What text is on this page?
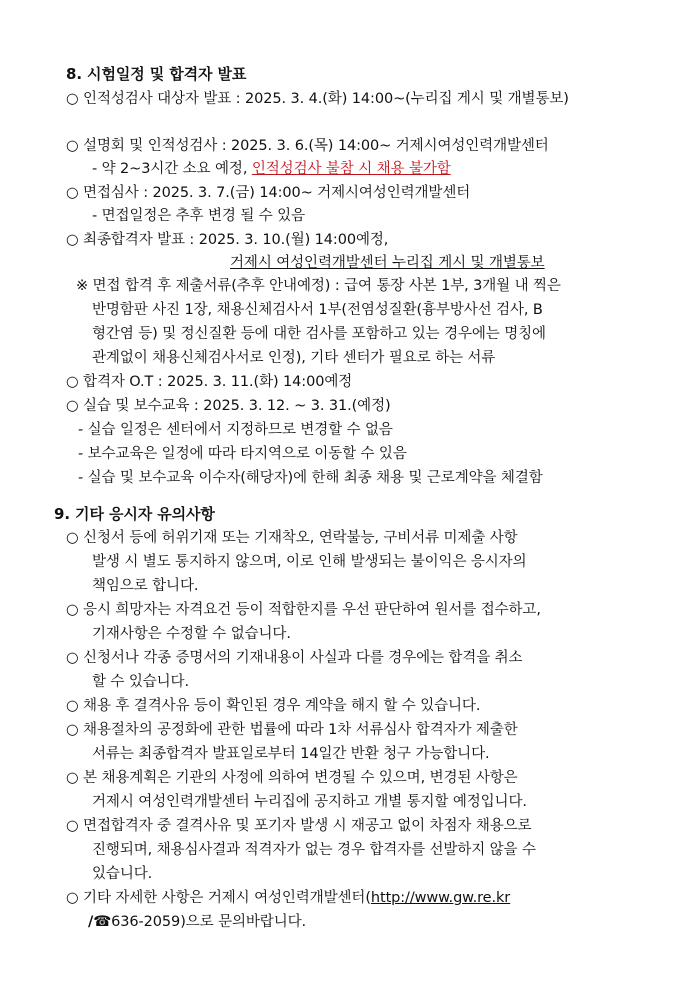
8. 시험일정 및 합격자 발표
○ 인적성검사 대상자 발표 : 2025. 3. 4.(화) 14:00~(누리집 게시 및 개별통보)
○ 설명회 및 인적성검사 : 2025. 3. 6.(목) 14:00~ 거제시여성인력개발센터
- 약 2~3시간 소요 예정, 인적성검사 불참 시 채용 불가함
○ 면접심사 : 2025. 3. 7.(금) 14:00~ 거제시여성인력개발센터
- 면접일정은 추후 변경 될 수 있음
○ 최종합격자 발표 : 2025. 3. 10.(월) 14:00예정,
거제시 여성인력개발센터 누리집 게시 및 개별통보
※ 면접 합격 후 제출서류(추후 안내예정) : 급여 통장 사본 1부, 3개월 내 찍은
반명함판 사진 1장, 채용신체검사서 1부(전염성질환(흉부방사선 검사, B
형간염 등) 및 정신질환 등에 대한 검사를 포함하고 있는 경우에는 명칭에
관계없이 채용신체검사서로 인정), 기타 센터가 필요로 하는 서류
○ 합격자 O.T : 2025. 3. 11.(화) 14:00예정
○ 실습 및 보수교육 : 2025. 3. 12. ~ 3. 31.(예정)
- 실습 일정은 센터에서 지정하므로 변경할 수 없음
- 보수교육은 일정에 따라 타지역으로 이동할 수 있음
- 실습 및 보수교육 이수자(해당자)에 한해 최종 채용 및 근로계약을 체결함
9. 기타 응시자 유의사항
○ 신청서 등에 허위기재 또는 기재착오, 연락불능, 구비서류 미제출 사항
발생 시 별도 통지하지 않으며, 이로 인해 발생되는 불이익은 응시자의
책임으로 합니다.
○ 응시 희망자는 자격요건 등이 적합한지를 우선 판단하여 원서를 접수하고,
기재사항은 수정할 수 없습니다.
○ 신청서나 각종 증명서의 기재내용이 사실과 다를 경우에는 합격을 취소
할 수 있습니다.
○ 채용 후 결격사유 등이 확인된 경우 계약을 해지 할 수 있습니다.
○ 채용절차의 공정화에 관한 법률에 따라 1차 서류심사 합격자가 제출한
서류는 최종합격자 발표일로부터 14일간 반환 청구 가능합니다.
○ 본 채용계획은 기관의 사정에 의하여 변경될 수 있으며, 변경된 사항은
거제시 여성인력개발센터 누리집에 공지하고 개별 통지할 예정입니다.
○ 면접합격자 중 결격사유 및 포기자 발생 시 재공고 없이 차점자 채용으로
진행되며, 채용심사결과 적격자가 없는 경우 합격자를 선발하지 않을 수
있습니다.
○ 기타 자세한 사항은 거제시 여성인력개발센터(http://www.gw.re.kr
/☎636-2059)으로 문의바랍니다.
